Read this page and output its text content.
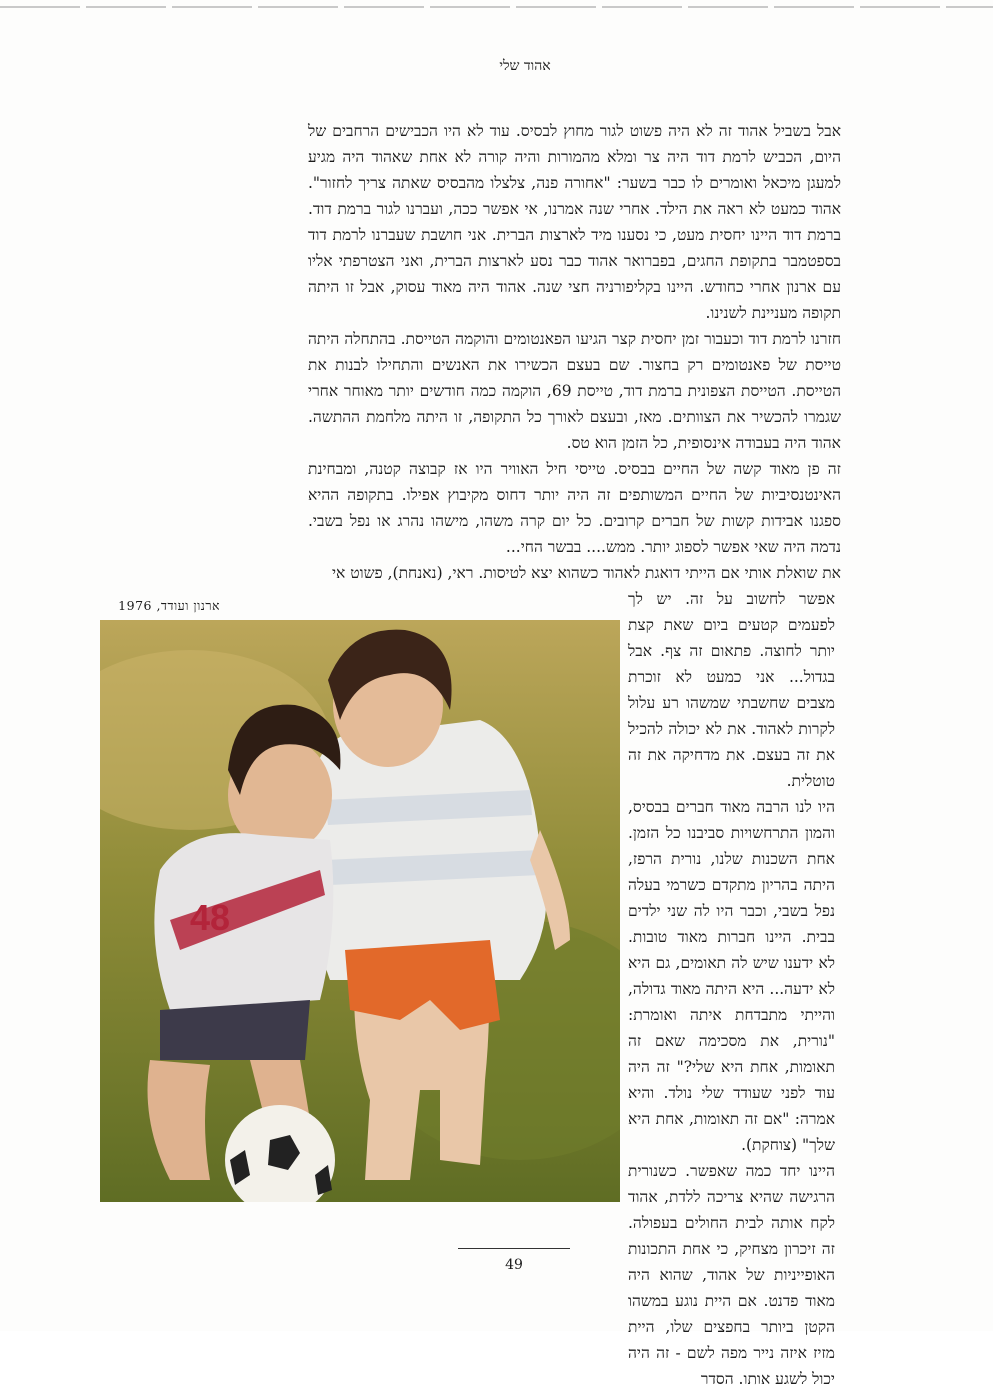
אהוד שלי

אבל בשביל אהוד זה לא היה פשוט לגור מחוץ לבסיס. עוד לא היו הכבישים הרחבים של היום, הכביש לרמת דוד היה צר ומלא מהמורות והיה קורה לא אחת שאהוד היה מגיע למעגן מיכאל ואומרים לו כבר בשער: "אחורה פנה, צלצלו מהבסיס שאתה צריך לחזור". אהוד כמעט לא ראה את הילד. אחרי שנה אמרנו, אי אפשר ככה, ועברנו לגור ברמת דוד. ברמת דוד היינו יחסית מעט, כי נסענו מיד לארצות הברית. אני חושבת שעברנו לרמת דוד בספטמבר בתקופת החגים, בפברואר אהוד כבר נסע לארצות הברית, ואני הצטרפתי אליו עם ארנון אחרי כחודש. היינו בקליפורניה חצי שנה. אהוד היה מאוד עסוק, אבל זו היתה תקופה מעניינת לשנינו.

חזרנו לרמת דוד וכעבור זמן יחסית קצר הגיעו הפאנטומים והוקמה הטייסת. בהתחלה היתה טייסת של פאנטומים רק בחצור. שם בעצם הכשירו את האנשים והתחילו לבנות את הטייסת. הטייסת הצפונית ברמת דוד, טייסת 69, הוקמה כמה חודשים יותר מאוחר אחרי שגמרו להכשיר את הצוותים. מאז, ובעצם לאורך כל התקופה, זו היתה מלחמת ההתשה. אהוד היה בעבודה אינסופית, כל הזמן הוא טס.

זה פן מאוד קשה של החיים בבסיס. טייסי חיל האוויר היו אז קבוצה קטנה, ומבחינת האינטנסיביות של החיים המשותפים זה היה יותר דחוס מקיבוץ אפילו. בתקופה ההיא ספגנו אבידות קשות של חברים קרובים. כל יום קרה משהו, מישהו נהרג או נפל בשבי. נדמה היה שאי אפשר לספוג יותר. ממש.... בבשר החי...

את שואלת אותי אם הייתי דואגת לאהוד כשהוא יצא לטיסות. ראי, (נאנחת), פשוט אי

ארנון ועודד, 1976
48

אפשר לחשוב על זה. יש לך לפעמים קטעים ביום שאת קצת יותר לחוצה. פתאום זה צף. אבל בגדול... אני כמעט לא זוכרת מצבים שחשבתי שמשהו רע עלול לקרות לאהוד. את לא יכולה להכיל את זה בעצם. את מדחיקה את זה טוטלית.

היו לנו הרבה מאוד חברים בבסיס, והמון התרחשויות סביבנו כל הזמן. אחת השכנות שלנו, נורית הרפז, היתה בהריון מתקדם כשרמי בעלה נפל בשבי, וכבר היו לה שני ילדים בבית. היינו חברות מאוד טובות. לא ידענו שיש לה תאומים, גם היא לא ידעה... היא היתה מאוד גדולה, והייתי מתבדחת איתה ואומרת: "נורית, את מסכימה שאם זה תאומות, אחת היא שלי?" זה היה עוד לפני שעודד שלי נולד. והיא אמרה: "אם זה תאומות, אחת היא שלך" (צוחקת).

היינו יחד כמה שאפשר. כשנורית הרגישה שהיא צריכה ללדת, אהוד לקח אותה לבית החולים בעפולה. זה זיכרון מצחיק, כי אחת התכונות האופייניות של אהוד, שהוא היה מאוד פדנט. אם היית נוגע במשהו הקטן ביותר בחפצים שלו, היית מזיז איזה נייר מפה לשם - זה היה יכול לשגע אותו. הסדר

49
